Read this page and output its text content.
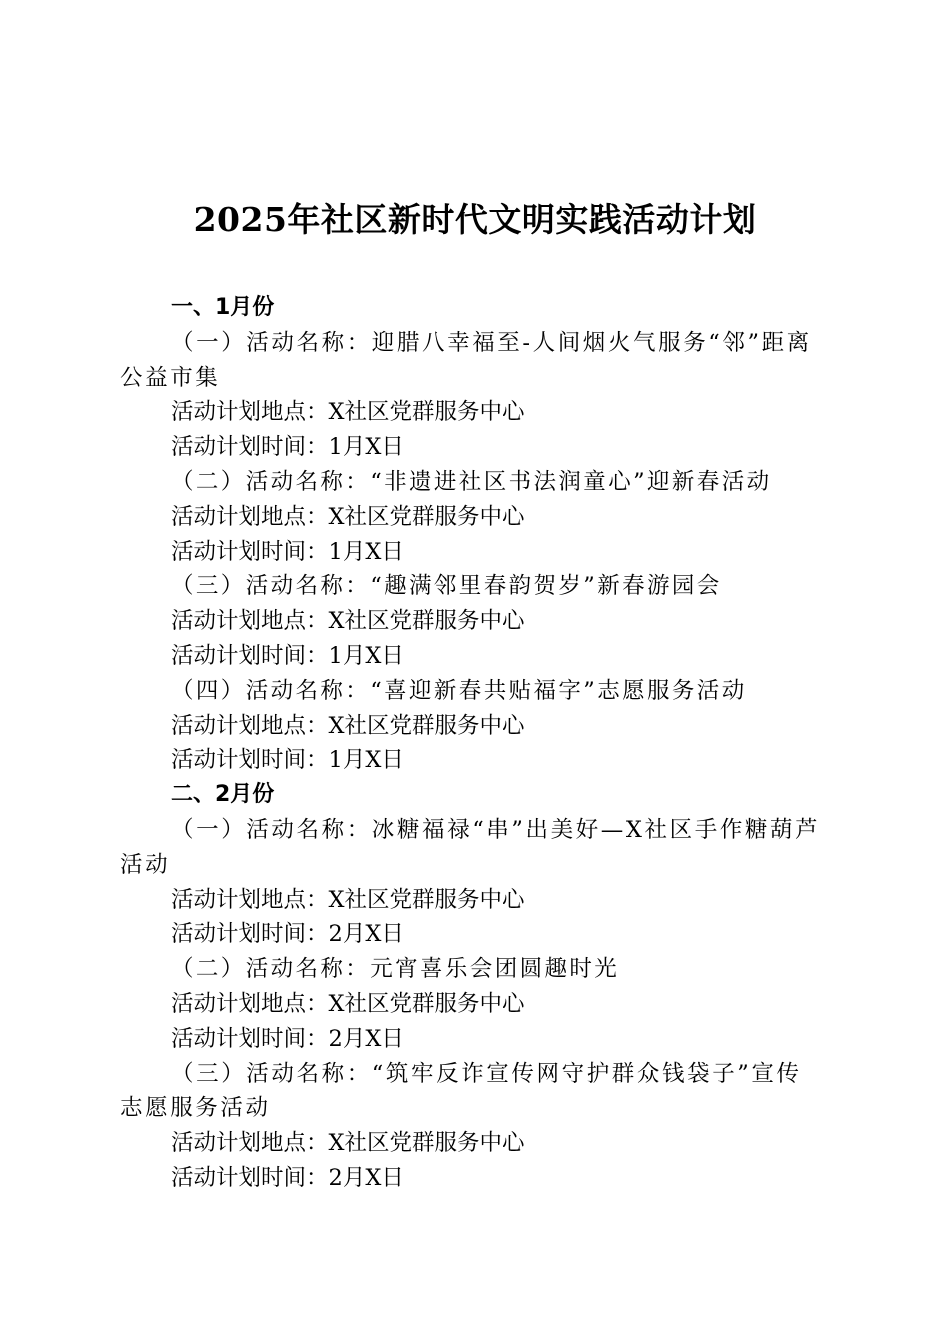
2025年社区新时代文明实践活动计划

一、1月份

（一）活动名称：迎腊八幸福至-人间烟火气服务“邻”距离公益市集

活动计划地点：X社区党群服务中心

活动计划时间：1月X日

（二）活动名称：“非遗进社区书法润童心”迎新春活动

活动计划地点：X社区党群服务中心

活动计划时间：1月X日

（三）活动名称：“趣满邻里春韵贺岁”新春游园会

活动计划地点：X社区党群服务中心

活动计划时间：1月X日

（四）活动名称：“喜迎新春共贴福字”志愿服务活动

活动计划地点：X社区党群服务中心

活动计划时间：1月X日

二、2月份

（一）活动名称：冰糖福禄“串”出美好—X社区手作糖葫芦活动

活动计划地点：X社区党群服务中心

活动计划时间：2月X日

（二）活动名称：元宵喜乐会团圆趣时光

活动计划地点：X社区党群服务中心

活动计划时间：2月X日

（三）活动名称：“筑牢反诈宣传网守护群众钱袋子”宣传志愿服务活动

活动计划地点：X社区党群服务中心

活动计划时间：2月X日
